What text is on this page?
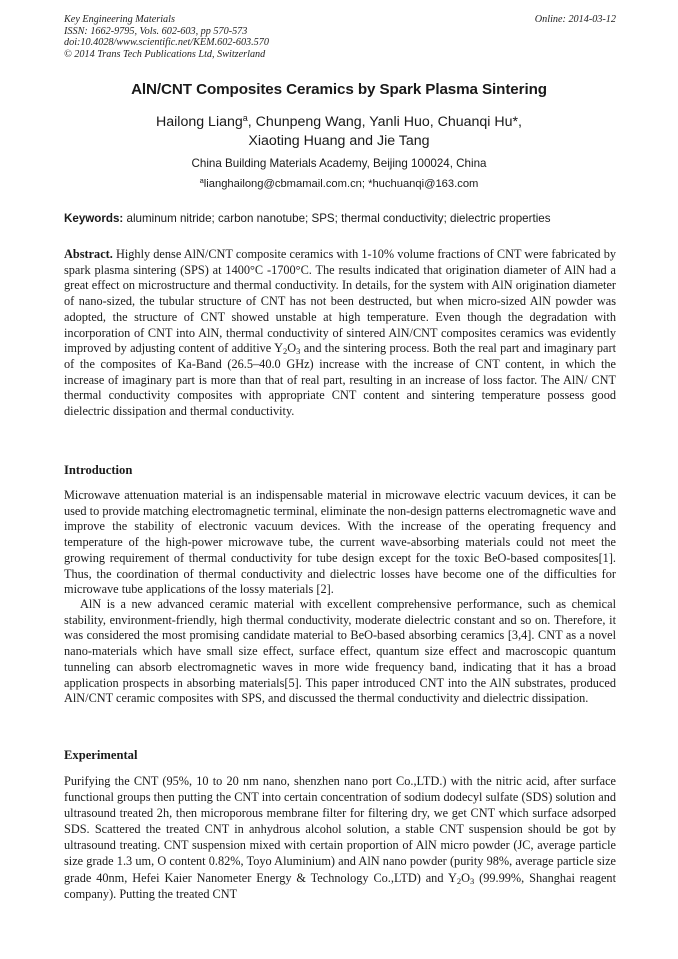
Key Engineering Materials
ISSN: 1662-9795, Vols. 602-603, pp 570-573
doi:10.4028/www.scientific.net/KEM.602-603.570
© 2014 Trans Tech Publications Ltd, Switzerland
Online: 2014-03-12
AlN/CNT Composites Ceramics by Spark Plasma Sintering
Hailong Liang$^a$, Chunpeng Wang, Yanli Huo, Chuanqi Hu*,
Xiaoting Huang and Jie Tang
China Building Materials Academy, Beijing 100024, China
$^a$lianghailong@cbmamail.com.cn; *huchuanqi@163.com
Keywords: aluminum nitride; carbon nanotube; SPS; thermal conductivity; dielectric properties

Abstract. Highly dense AlN/CNT composite ceramics with 1-10% volume fractions of CNT were fabricated by spark plasma sintering (SPS) at 1400°C -1700°C. The results indicated that origination diameter of AlN had a great effect on microstructure and thermal conductivity. In details, for the system with AlN origination diameter of nano-sized, the tubular structure of CNT has not been destructed, but when micro-sized AlN powder was adopted, the structure of CNT showed unstable at high temperature. Even though the degradation with incorporation of CNT into AlN, thermal conductivity of sintered AlN/CNT composites ceramics was evidently improved by adjusting content of additive $Y_2O_3$ and the sintering process. Both the real part and imaginary part of the composites of Ka-Band (26.5–40.0 GHz) increase with the increase of CNT content, in which the increase of imaginary part is more than that of real part, resulting in an increase of loss factor. The AlN/ CNT thermal conductivity composites with appropriate CNT content and sintering temperature possess good dielectric dissipation and thermal conductivity.

Introduction

Microwave attenuation material is an indispensable material in microwave electric vacuum devices, it can be used to provide matching electromagnetic terminal, eliminate the non-design patterns electromagnetic wave and improve the stability of electronic vacuum devices. With the increase of the operating frequency and temperature of the high-power microwave tube, the current wave-absorbing materials could not meet the growing requirement of thermal conductivity for tube design except for the toxic BeO-based composites[1]. Thus, the coordination of thermal conductivity and dielectric losses have become one of the difficulties for microwave tube applications of the lossy materials [2].

AlN is a new advanced ceramic material with excellent comprehensive performance, such as chemical stability, environment-friendly, high thermal conductivity, moderate dielectric constant and so on. Therefore, it was considered the most promising candidate material to BeO-based absorbing ceramics [3,4]. CNT as a novel nano-materials which have small size effect, surface effect, quantum size effect and macroscopic quantum tunneling can absorb electromagnetic waves in more wide frequency band, indicating that it has a broad application prospects in absorbing materials[5]. This paper introduced CNT into the AlN substrates, produced AlN/CNT ceramic composites with SPS, and discussed the thermal conductivity and dielectric dissipation.

Experimental

Purifying the CNT (95%, 10 to 20 nm nano, shenzhen nano port Co.,LTD.) with the nitric acid, after surface functional groups then putting the CNT into certain concentration of sodium dodecyl sulfate (SDS) solution and ultrasound treated 2h, then microporous membrane filter for filtering dry, we get CNT which surface adsorped SDS. Scattered the treated CNT in anhydrous alcohol solution, a stable CNT suspension should be got by ultrasound treating. CNT suspension mixed with certain proportion of AlN micro powder (JC, average particle size grade 1.3 um, O content 0.82%, Toyo Aluminium) and AlN nano powder (purity 98%, average particle size grade 40nm, Hefei Kaier Nanometer Energy & Technology Co.,LTD) and $Y_2O_3$ (99.99%, Shanghai reagent company). Putting the treated CNT
